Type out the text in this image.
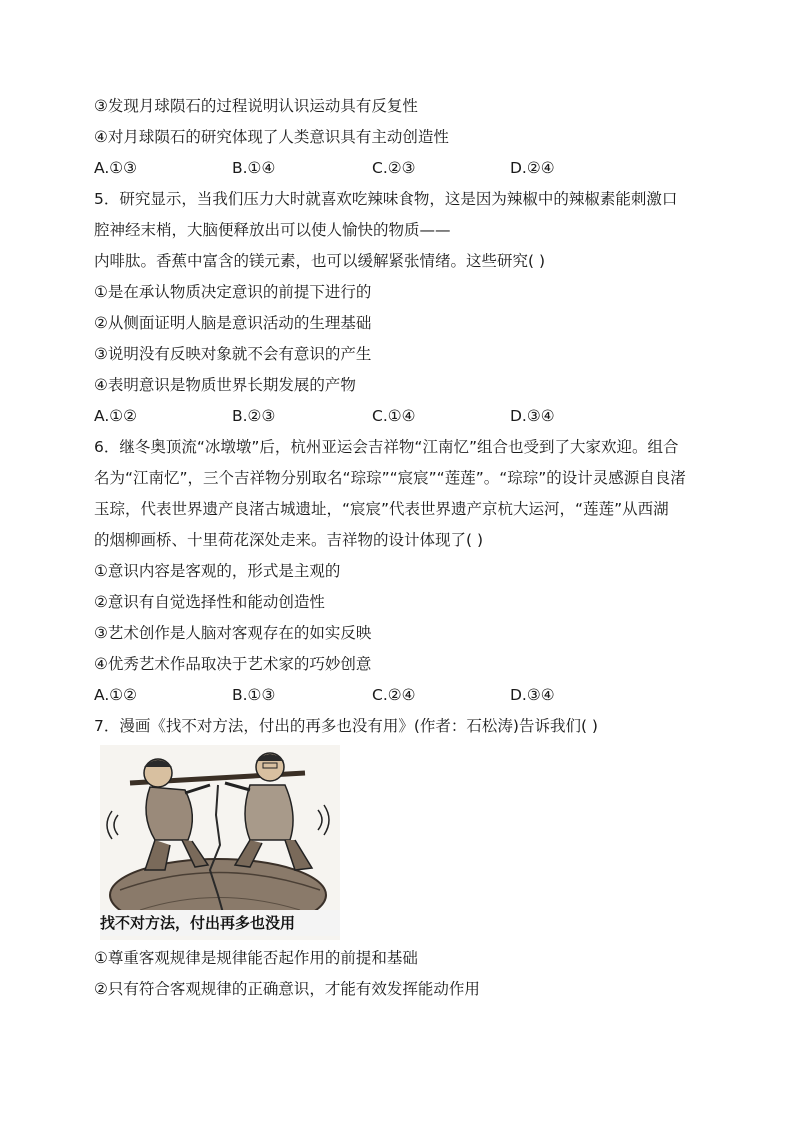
③发现月球陨石的过程说明认识运动具有反复性
④对月球陨石的研究体现了人类意识具有主动创造性
A.①③	B.①④	C.②③	D.②④
5．研究显示，当我们压力大时就喜欢吃辣味食物，这是因为辣椒中的辣椒素能刺激口
腔神经末梢，大脑便释放出可以使人愉快的物质——
内啡肽。香蕉中富含的镁元素，也可以缓解紧张情绪。这些研究( )
①是在承认物质决定意识的前提下进行的
②从侧面证明人脑是意识活动的生理基础
③说明没有反映对象就不会有意识的产生
④表明意识是物质世界长期发展的产物
A.①②	B.②③	C.①④	D.③④
6．继冬奥顶流“冰墩墩”后，杭州亚运会吉祥物“江南忆”组合也受到了大家欢迎。组合
名为“江南忆”，三个吉祥物分别取名“琮琮”“宸宸”“莲莲”。“琮琮”的设计灵感源自良渚
玉琮，代表世界遗产良渚古城遗址，“宸宸”代表世界遗产京杭大运河，“莲莲”从西湖
的烟柳画桥、十里荷花深处走来。吉祥物的设计体现了( )
①意识内容是客观的，形式是主观的
②意识有自觉选择性和能动创造性
③艺术创作是人脑对客观存在的如实反映
④优秀艺术作品取决于艺术家的巧妙创意
A.①②	B.①③	C.②④	D.③④
7．漫画《找不对方法，付出的再多也没有用》(作者：石松涛)告诉我们( )
找不对方法，付出再多也没用
①尊重客观规律是规律能否起作用的前提和基础
②只有符合客观规律的正确意识，才能有效发挥能动作用
